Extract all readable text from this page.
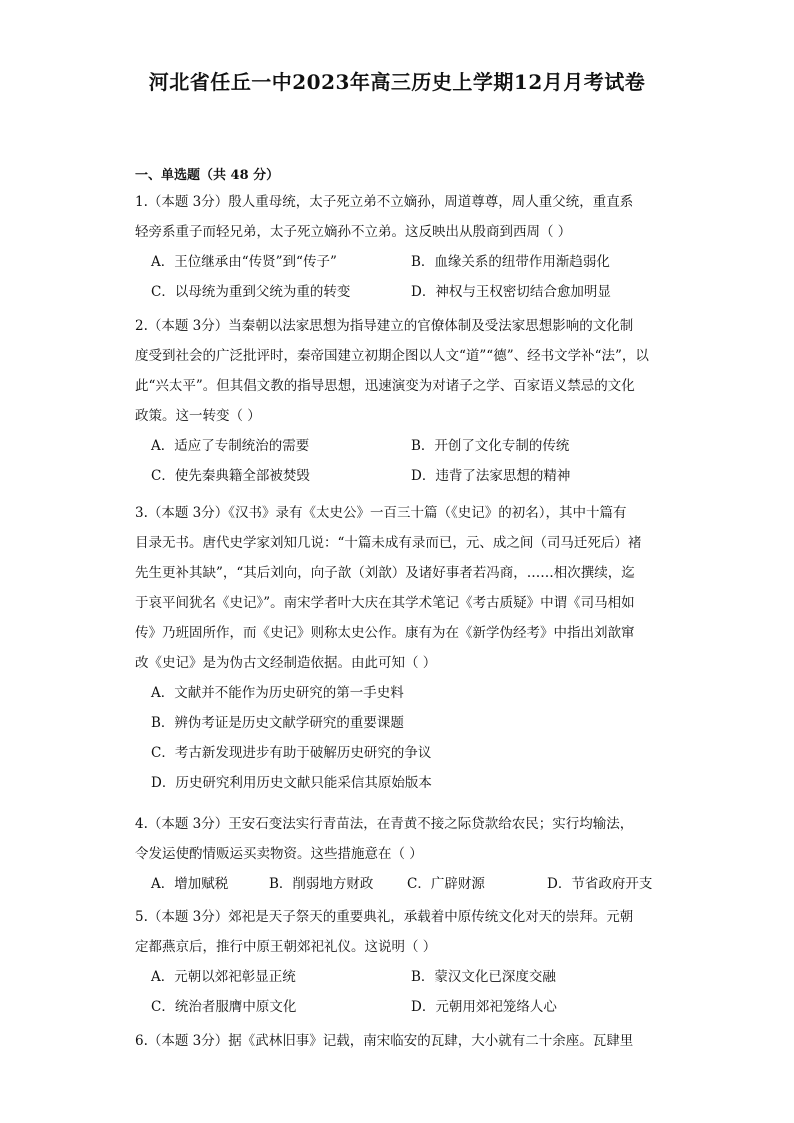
河北省任丘一中2023年高三历史上学期12月月考试卷
一、单选题（共 48 分）
1.（本题 3分）殷人重母统，太子死立弟不立嫡孙，周道尊尊，周人重父统，重直系
轻旁系重子而轻兄弟，太子死立嫡孙不立弟。这反映出从殷商到西周（ ）
A．王位继承由“传贤”到“传子”	B．血缘关系的纽带作用渐趋弱化
C．以母统为重到父统为重的转变	D．神权与王权密切结合愈加明显
2.（本题 3分）当秦朝以法家思想为指导建立的官僚体制及受法家思想影响的文化制
度受到社会的广泛批评时，秦帝国建立初期企图以人文“道”“德”、经书文学补“法”，以
此“兴太平”。但其倡文教的指导思想，迅速演变为对诸子之学、百家语义禁忌的文化
政策。这一转变（ ）
A．适应了专制统治的需要	B．开创了文化专制的传统
C．使先秦典籍全部被焚毁	D．违背了法家思想的精神
3.（本题 3分）《汉书》录有《太史公》一百三十篇（《史记》的初名），其中十篇有
目录无书。唐代史学家刘知几说：“十篇未成有录而已，元、成之间（司马迁死后）褚
先生更补其缺”，“其后刘向，向子歆（刘歆）及诸好事者若冯商，……相次撰续，迄
于哀平间犹名《史记》”。南宋学者叶大庆在其学术笔记《考古质疑》中谓《司马相如
传》乃班固所作，而《史记》则称太史公作。康有为在《新学伪经考》中指出刘歆窜
改《史记》是为伪古文经制造依据。由此可知（ ）
A．文献并不能作为历史研究的第一手史料
B．辨伪考证是历史文献学研究的重要课题
C．考古新发现进步有助于破解历史研究的争议
D．历史研究利用历史文献只能采信其原始版本
4.（本题 3分）王安石变法实行青苗法，在青黄不接之际贷款给农民；实行均输法，
令发运使酌情贩运买卖物资。这些措施意在（ ）
A．增加赋税	B．削弱地方财政	C．广辟财源	D．节省政府开支
5.（本题 3分）郊祀是天子祭天的重要典礼，承载着中原传统文化对天的崇拜。元朝
定都燕京后，推行中原王朝郊祀礼仪。这说明（ ）
A．元朝以郊祀彰显正统	B．蒙汉文化已深度交融
C．统治者服膺中原文化	D．元朝用郊祀笼络人心
6.（本题 3分）据《武林旧事》记载，南宋临安的瓦肆，大小就有二十余座。瓦肆里
